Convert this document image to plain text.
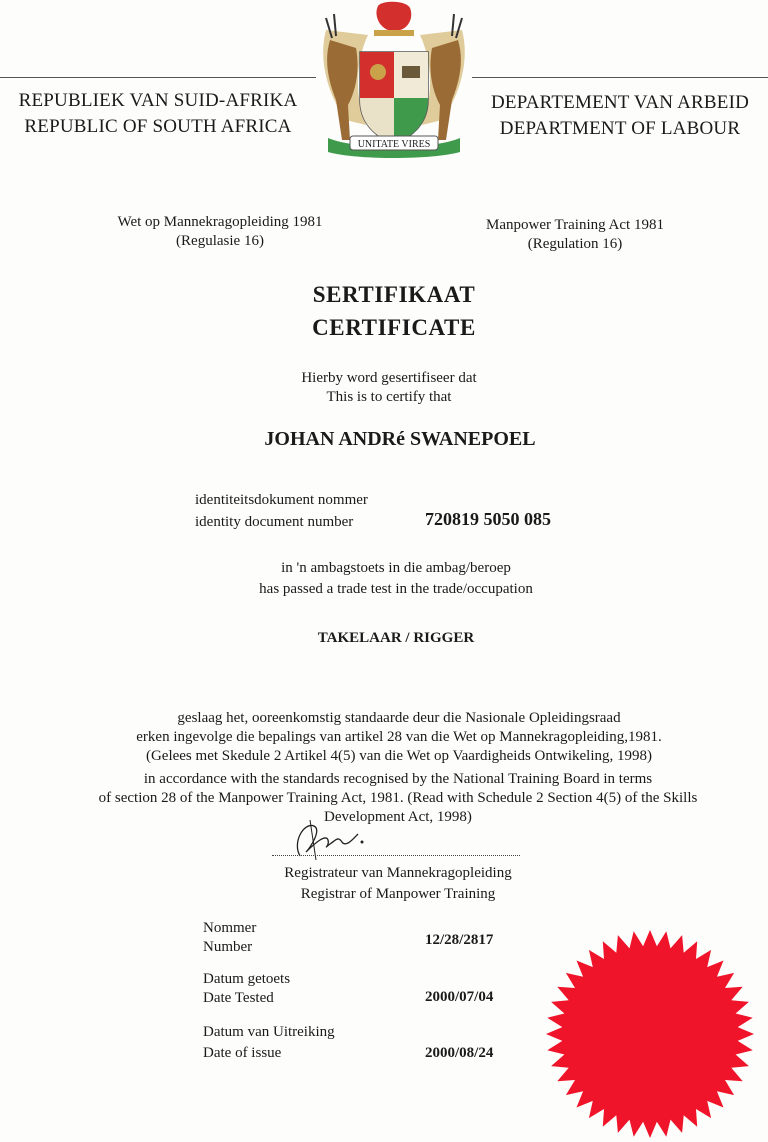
REPUBLIEK VAN SUID-AFRIKA
REPUBLIC OF SOUTH AFRICA
DEPARTEMENT VAN ARBEID
DEPARTMENT OF LABOUR
UNITATE VIRES
Wet op Mannekragopleiding 1981
(Regulasie 16)
Manpower Training Act 1981
(Regulation 16)
SERTIFIKAAT
CERTIFICATE
Hierby word gesertifiseer dat
This is to certify that
JOHAN ANDRé SWANEPOEL
identiteitsdokument nommer
identity document number	720819 5050 085
in 'n ambagstoets in die ambag/beroep
has passed a trade test in the trade/occupation
TAKELAAR / RIGGER
geslaag het, ooreenkomstig standaarde deur die Nasionale Opleidingsraad
erken ingevolge die bepalings van artikel 28 van die Wet op Mannekragopleiding,1981.
(Gelees met Skedule 2 Artikel 4(5) van die Wet op Vaardigheids Ontwikeling, 1998)
in accordance with the standards recognised by the National Training Board in terms
of section 28 of the Manpower Training Act, 1981. (Read with Schedule 2 Section 4(5) of the Skills
Development Act, 1998)
Registrateur van Mannekragopleiding
Registrar of Manpower Training
Nommer
Number	12/28/2817
Datum getoets
Date Tested	2000/07/04
Datum van Uitreiking
Date of issue	2000/08/24
